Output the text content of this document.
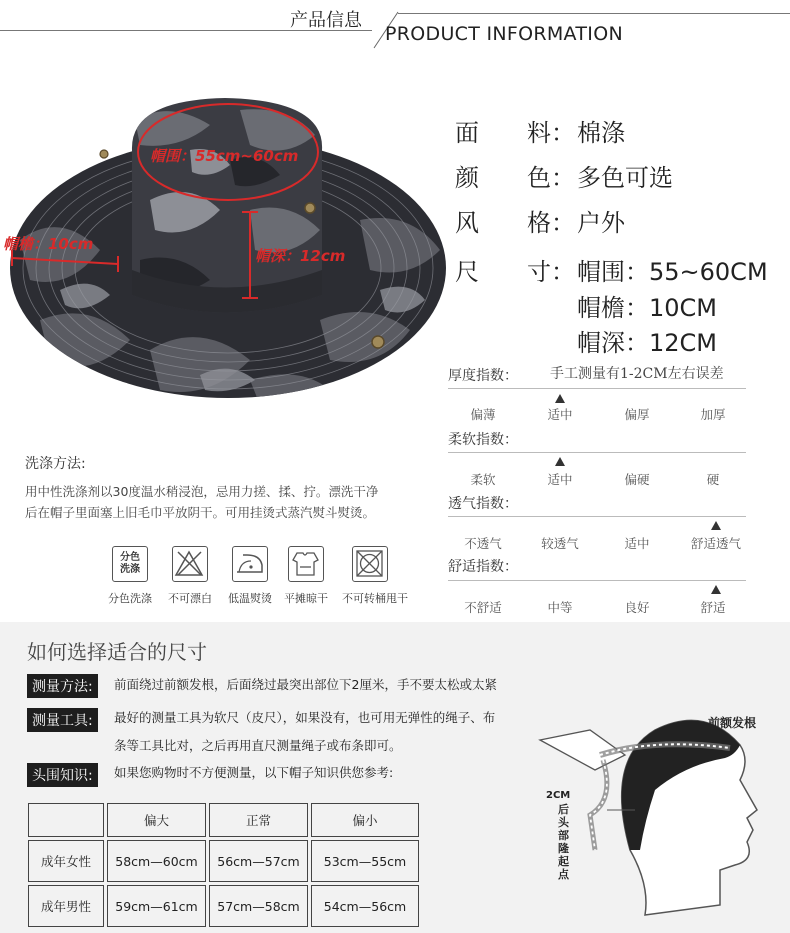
产品信息
PRODUCT INFORMATION
帽围：55cm~60cm
帽檐：10cm
帽深：12cm
面　　料： 棉涤
颜　　色： 多色可选
风　　格： 户外
尺　　寸： 帽围：55~60CM
帽檐：10CM
帽深：12CM
厚度指数： 手工测量有1-2CM左右误差
偏薄	适中	偏厚	加厚
柔软指数：
柔软	适中	偏硬	硬
透气指数：
不透气	较透气	适中	舒适透气
舒适指数：
不舒适	中等	良好	舒适
洗涤方法:
用中性洗涤剂以30度温水稍浸泡，忌用力搓、揉、拧。漂洗干净后在帽子里面塞上旧毛巾平放阴干。可用挂烫式蒸汽熨斗熨烫。
分色洗涤
分色洗涤	不可漂白	低温熨烫	平摊晾干	不可转桶甩干
如何选择适合的尺寸
测量方法:	前面绕过前额发根，后面绕过最突出部位下2厘米，手不要太松或太紧
测量工具:	最好的测量工具为软尺（皮尺），如果没有，也可用无弹性的绳子、布
条等工具比对，之后再用直尺测量绳子或布条即可。
头围知识:	如果您购物时不方便测量，以下帽子知识供您参考:
	偏大	正常	偏小
成年女性	58cm—60cm	56cm—57cm	53cm—55cm
成年男性	59cm—61cm	57cm—58cm	54cm—56cm
前额发根
2CM
后头部隆起点
